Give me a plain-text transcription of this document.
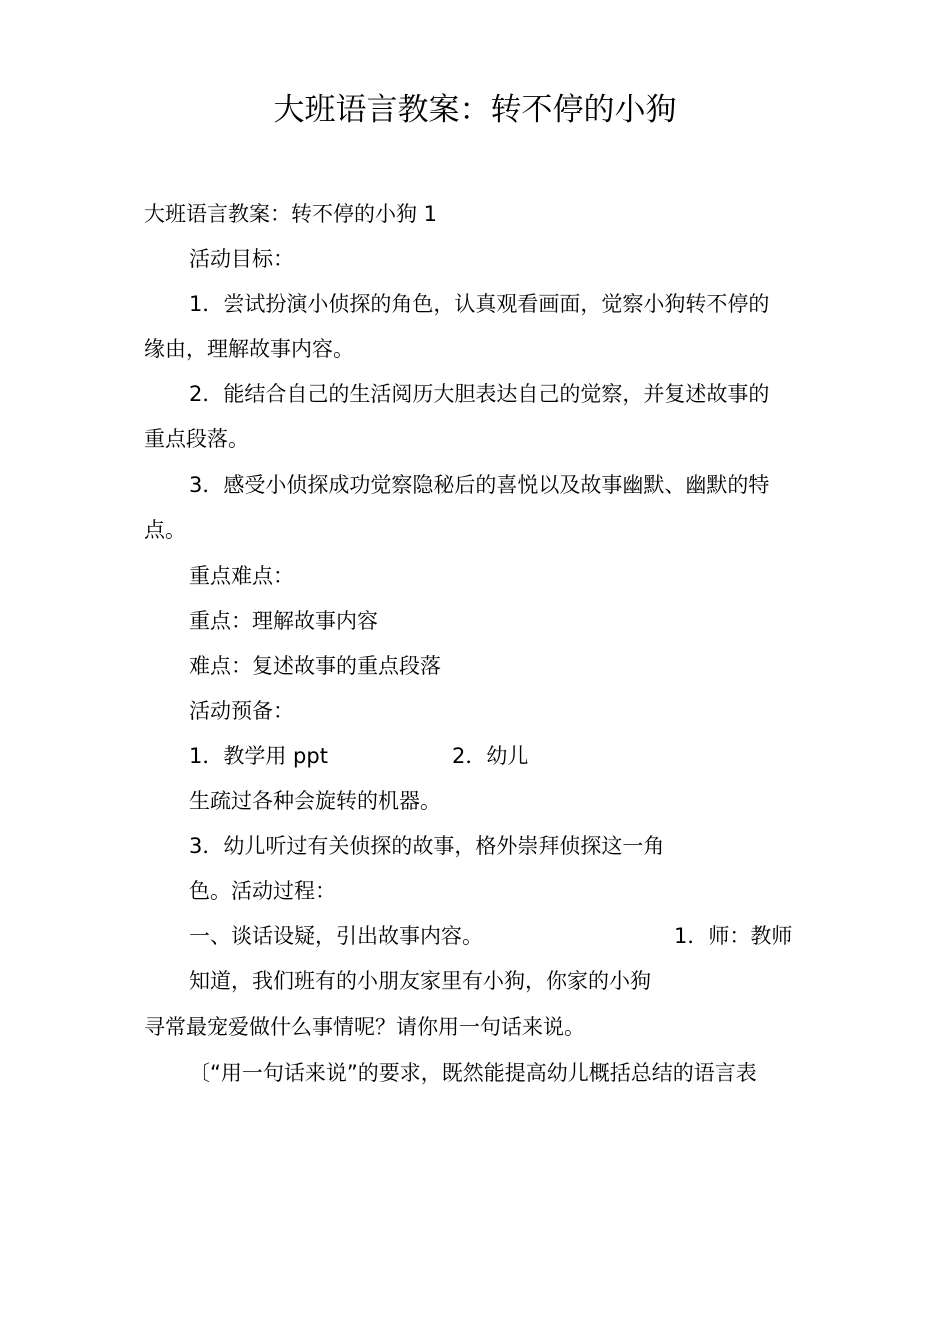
大班语言教案：转不停的小狗
大班语言教案：转不停的小狗 1
活动目标：
1．尝试扮演小侦探的角色，认真观看画面，觉察小狗转不停的
缘由，理解故事内容。
2．能结合自己的生活阅历大胆表达自己的觉察，并复述故事的
重点段落。
3．感受小侦探成功觉察隐秘后的喜悦以及故事幽默、幽默的特
点。
重点难点：
重点：理解故事内容
难点：复述故事的重点段落
活动预备：
1．教学用 ppt	2．幼儿
生疏过各种会旋转的机器。
3．幼儿听过有关侦探的故事，格外崇拜侦探这一角
色。活动过程：
一、谈话设疑，引出故事内容。	1．师：教师
知道，我们班有的小朋友家里有小狗，你家的小狗
寻常最宠爱做什么事情呢？请你用一句话来说。
〔“用一句话来说”的要求，既然能提高幼儿概括总结的语言表
